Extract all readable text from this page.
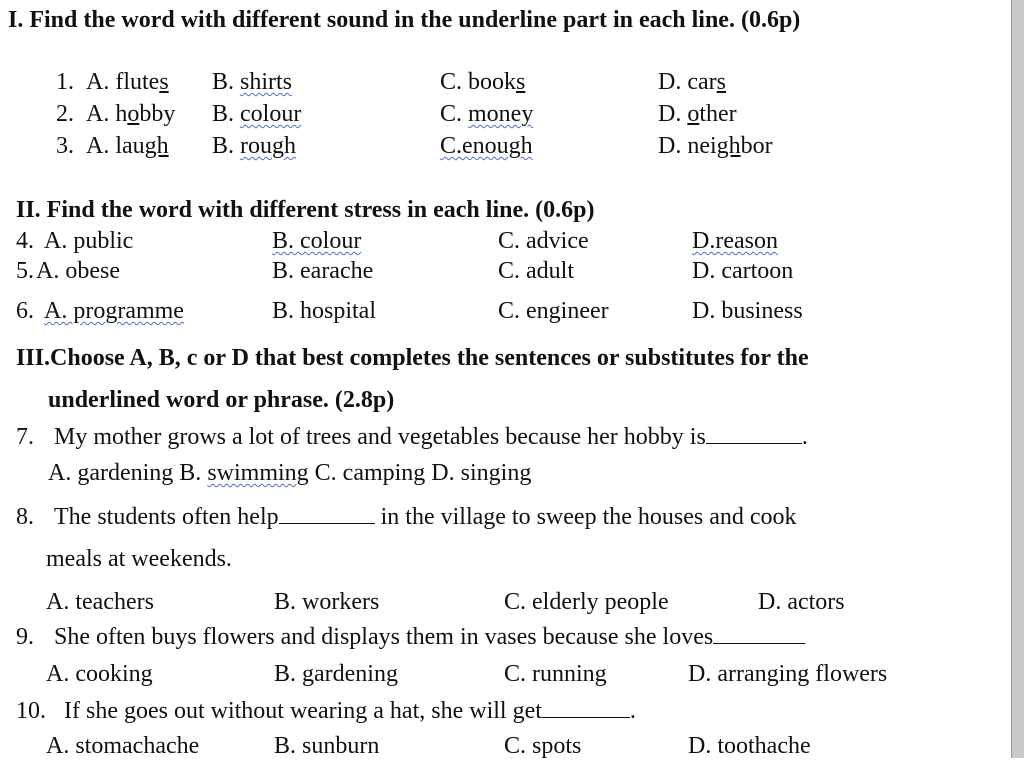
I. Find the word with different sound in the underline part in each line. (0.6p)
1. A. flutes B. shirts	C. books	D. cars
2. A. hobby B. colour	C. money	D. other
3. A. laugh B. rough	C.enough	D. neighbor
II. Find the word with different stress in each line. (0.6p)
4. A. public	B. colour	C. advice	D.reason
5. A. obese	B. earache	C. adult	D. cartoon
6. A. programme	B. hospital	C. engineer	D. business
III.Choose A, B, c or D that best completes the sentences or substitutes for the
underlined word or phrase. (2.8p)
7. My mother grows a lot of trees and vegetables because her hobby is	.
A. gardening B. swimming C. camping D. singing
8. The students often help	in the village to sweep the houses and cook
meals at weekends.
A. teachers	B. workers	C. elderly people	D. actors
9. She often buys flowers and displays them in vases because she loves
A. cooking	B. gardening	C. running	D. arranging flowers
10. If she goes out without wearing a hat, she will get	.
A. stomachache	B. sunburn	C. spots	D. toothache
